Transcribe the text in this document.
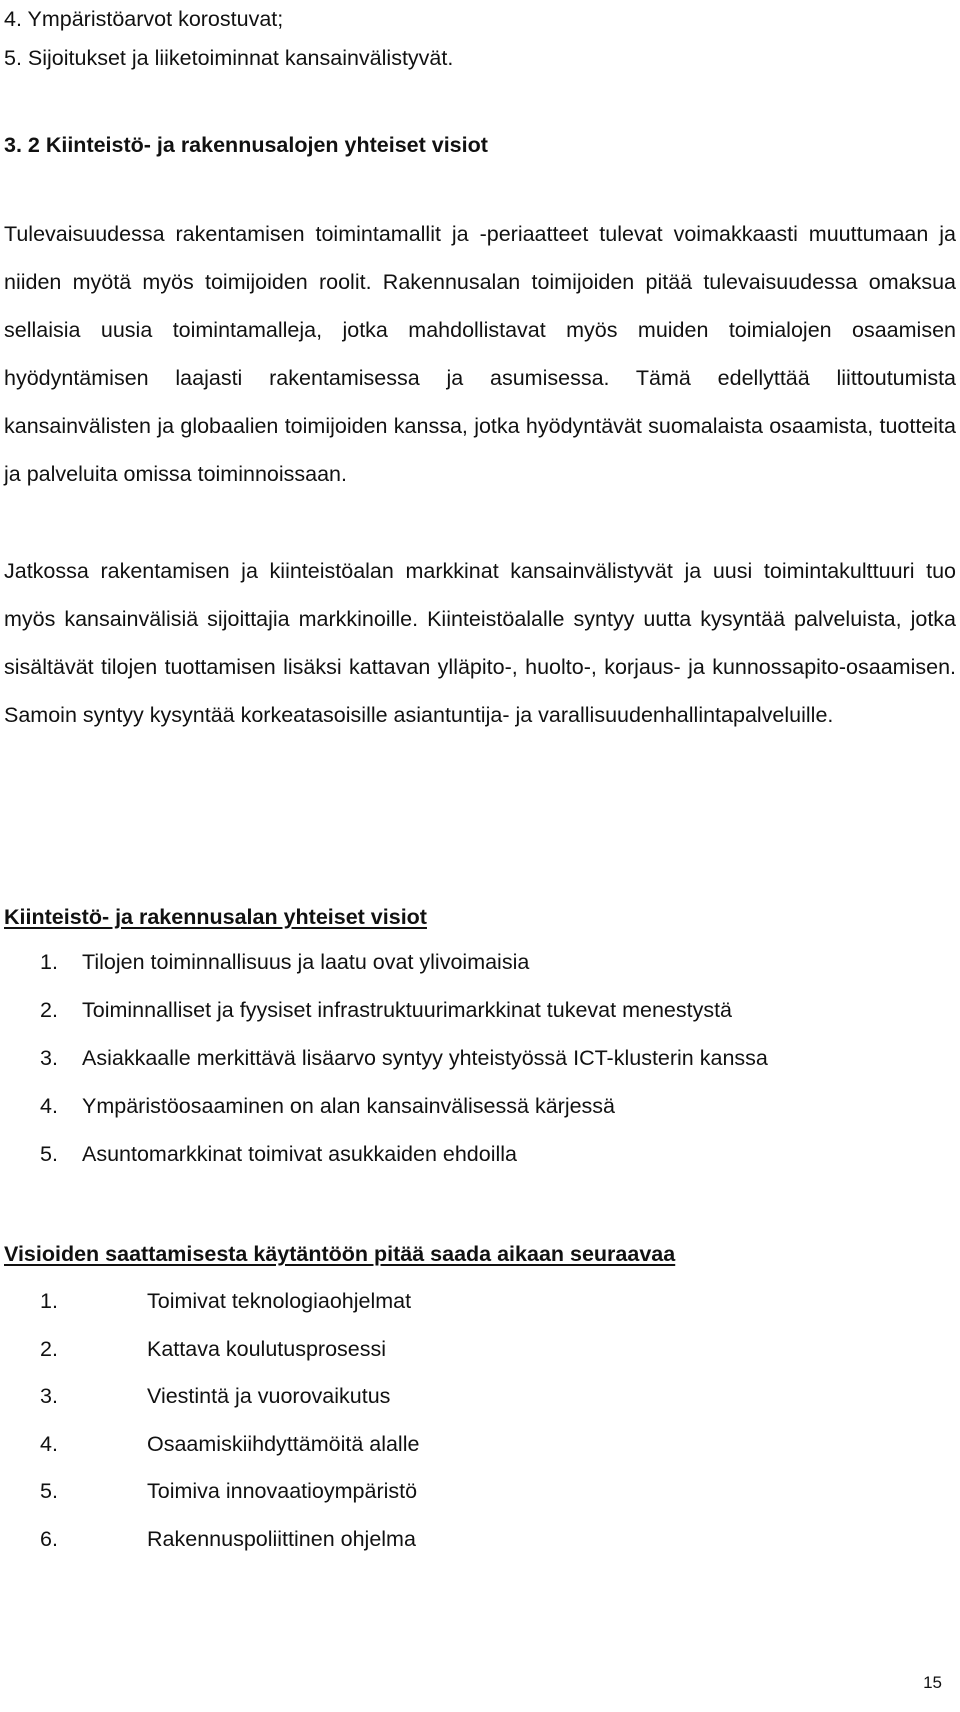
4. Ympäristöarvot korostuvat;
5. Sijoitukset ja liiketoiminnat kansainvälistyvät.
3. 2 Kiinteistö- ja rakennusalojen yhteiset visiot
Tulevaisuudessa rakentamisen toimintamallit ja -periaatteet tulevat voimakkaasti muuttumaan ja niiden myötä myös toimijoiden roolit. Rakennusalan toimijoiden pitää tulevaisuudessa omaksua sellaisia uusia toimintamalleja, jotka mahdollistavat myös muiden toimialojen osaamisen hyödyntämisen laajasti rakentamisessa ja asumisessa. Tämä edellyttää liittoutumista kansainvälisten ja globaalien toimijoiden kanssa, jotka hyödyntävät suomalaista osaamista, tuotteita ja palveluita omissa toiminnoissaan.
Jatkossa rakentamisen ja kiinteistöalan markkinat kansainvälistyvät ja uusi toimintakulttuuri tuo myös kansainvälisiä sijoittajia markkinoille. Kiinteistöalalle syntyy uutta kysyntää palveluista, jotka sisältävät tilojen tuottamisen lisäksi kattavan ylläpito-, huolto-, korjaus- ja kunnossapito-osaamisen. Samoin syntyy kysyntää korkeatasoisille asiantuntija- ja varallisuudenhallintapalveluille.
Kiinteistö- ja rakennusalan yhteiset visiot
1. Tilojen toiminnallisuus ja laatu ovat ylivoimaisia
2. Toiminnalliset ja fyysiset infrastruktuurimarkkinat tukevat menestystä
3. Asiakkaalle merkittävä lisäarvo syntyy yhteistyössä ICT-klusterin kanssa
4. Ympäristöosaaminen on alan kansainvälisessä kärjessä
5. Asuntomarkkinat toimivat asukkaiden ehdoilla
Visioiden saattamisesta käytäntöön pitää saada aikaan seuraavaa
1.	Toimivat teknologiaohjelmat
2.	Kattava koulutusprosessi
3.	Viestintä ja vuorovaikutus
4.	Osaamiskiihdyttämöitä alalle
5.	Toimiva innovaatioympäristö
6.	Rakennuspoliittinen ohjelma
15
